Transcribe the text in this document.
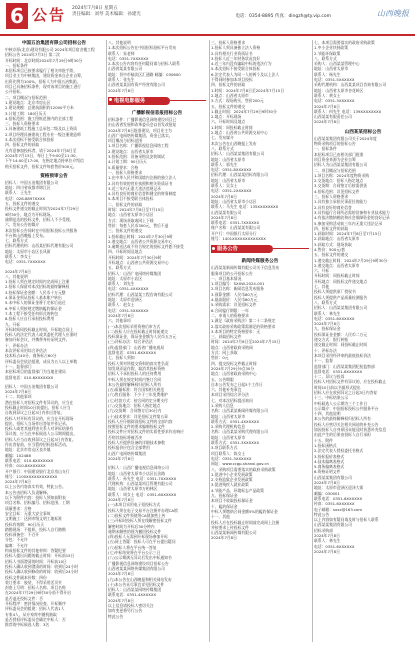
6 公告 2024年7月8日 星期五
责任编辑：刘琴 美术编辑：孙建光	电话：0354-8895 传真：dingzh@ty.vip.com	山西晚报
中国五冶集团有限公司招标公告
中核京原(北京)建设有限公司 2024年项目宿舍楼工程
招标公告 2024年7月3日 第二次
开标时间：北京时间2024年7月29日9时30分
一、招标条件
本招标项目已按要求履行了相关审批手续，
项目业主为中核集团，建设资金来自企业自筹，
出资比例为100%，招标人为中国五冶集团。
项目已具备招标条件，现对该项目的施工进行
公开招标。
二、项目概况与招标范围
1.建设地点：北京市房山区
2.建设规模：总建筑面积约12000平方米
3.计划工期：180日历天
4.招标范围：施工图纸范围内的全部工程
三、投标人资格要求
1.具备建筑工程施工总承包二级及以上资质
2.项目经理具备建筑工程专业一级注册建造师
3.本次招标不接受联合体投标
四、招标文件的获取
凡有意参加投标者，请于2024年7月8日至
2024年7月15日，每日上午9:00至11:30，
下午14:00至17:00，在指定地点持单位介绍信
购买招标文件，招标文件每套售价500元。
资格预审公告
招标人：中国五冶集团有限公司
地址：四川省成都市锦江区
联系人：王先生
电话：028-8897XXXX
五、投标文件的递交
投标文件递交的截止时间为2024年7月29日
9时30分，地点为开标现场。
逾期送达的投标文件，招标人不予受理。
六、发布公告的媒介
本次招标公告同时在中国招标投标公共服务
平台和山西晚报上发布。
七、联系方式
招标代理机构：山西某招标代理有限公司
地址：太原市小店区长风街
联系人：李女士
电话：0351-7XXXXXX
2024年7月8日
八、其他说明
1.投标人须在规定时间内完成网上注册
2.招标人保留对本次招标的最终解释权
3.投标保证金金额：人民币十万元整
4.保证金须从投标人基本账户转出
5.未中标人的保证金将于定标后退还
6.中标人须按规定缴纳履约保证金
7.本工程不接受任何形式的转包
8.投标人应自行承担投标费用
九、开标
开标时间同投标截止时间，开标地点同上
投标人的法定代表人或其委托代理人应准时
参加开标会议，并携带身份证明文件。
十、评标办法
本次评标采用综合评估法
技术标占40分，商务标占60分
评标委员会依法组建，成员为五人以上单数
十一、监督部门
本招标项目的监督部门为当地住建局
监督电话：010-6XXXXXXX
招标人：中国五冶集团有限公司
2024年7月8日
十二、其他事项
潜在投标人对招标文件有异议的，应当在
投标截止时间10日前提出，招标人应当
自收到异议之日起3日内作出答复。
投标人对开标有异议的，应当在开标现场
提出，招标人当场作出答复并作记录。
投标人或者其他利害关系人对评标结果有
异议的，应当在中标候选人公示期间提出。
招标人应当自收到异议之日起3日内答复。
作出答复前，应当暂停招标投标活动。
地址：北京市房山区良乡镇
邮编：102488
联系电话：010-8XXXXXXX
传真：010-8XXXXXXX
开户银行：中国建设银行北京房山支行
账号：1100XXXXXXXXXXXX
2024年7月8日
以上公告内容真实有效，特此公告。
本公告由招标人负责解释。
以下为附件内容：投标人须知前附表
项目名称、招标编号、招标范围、工期
质量要求：合格
安全目标：无重大安全事故
文明施工：达到市级文明工地标准
投标有效期：90日历天
踏勘现场：不组织，投标人自行踏勘
投标预备会：不召开
分包：不允许
偏离：不允许
构成招标文件的其他材料：答疑纪要
投标人提出问题的截止时间：开标前15日
招标人书面澄清的时间：开标前10日
投标人确认收到澄清的时间：收到后24小时
投标人确认收到修改的时间：收到后24小时
投标文件副本份数：四份
装订要求：胶装，不得采用活页夹
封套上写明：招标人名称、项目名称
在2024年7月29日9时30分前不得开启
是否退还投标文件：否
开标程序：密封情况检查、开标顺序
评标委员会的组建：招标人代表1人
专家4人，从专家库中随机抽取
是否授权评标委员会确定中标人：否
推荐的中标候选人数：3名
八、其他说明
1.本次招标公告在中国招标投标平台发布
联系人：朱老师
电话：0351-7XXXXXX
2.本次公告内容有任何疑问请与招标人联系
山西省某某有限公司
地址：晋中市榆次区汇通路 邮编：030600
联系人：张先生
山西省某某国有资产经营有限公司
2024年7月8日
电视电影服务
广播影视信息报招标公告
招标条件：广播影视信息网络建设项目已
由山西省发展和改革委员会以晋发改批复
2024年7月8日批准建设，项目业主为
山西广电网络传媒集团，资金已落实。
项目概况与招标范围
1.项目名称：广播影视信息网络工程
2.建设地点：山西省太原市
3.招标范围：设备采购及安装调试
4.计划工期：90日历天
5.质量要求：合格
一、投标人资格要求
1.在中华人民共和国境内注册的独立法人
2.具有有效的营业执照和相关资质证书
3.近三年内无重大违法违规记录
4.具有良好的商业信誉和健全的财务制度
5.本项目不接受联合体投标
二、招标文件的获取
时间：2024年7月8日至7月15日
地点：山西省太原市小店区
方式：现场获取或网上下载
售价：每套人民币300元，售后不退
三、投标文件的递交
1.投标截止时间：2024年7月30日9时
2.递交地点：山西省公共资源交易中心
3.逾期送达或不符合规定的投标文件恕不接受
四、开标时间及地点
开标时间：2024年7月30日9时
开标地点：山西省公共资源交易中心
五、联系方式
招标人：山西广电网络传媒集团
地址：太原市小店区
联系人：刘先生
电话：0351-4XXXXXX
招标代理：山西某某工程咨询有限公司
地址：太原市迎泽区
联系人：赵女士
电话：0351-5XXXXXX
2024年7月8日
六、其他事项
(一)本次招标采用资格后审方式
(二)投标人应在投标截止时间前递交
投标保证金，保证金金额为人民币五万元
(三)评标办法：综合评估法
(四)监督部门：山西省广播电视局
监督电话：0351-6XXXXXX
七、投标人须知
投标人须对所提交资料的真实性负责
如发现弄虚作假，取消其投标资格
招标人不承担投标人的任何费用
中标人须在规定时间内签订合同
本公告最终解释权归招标人所有
(五)质量标准：符合国家相关规范
(六)售后服务：不少于三年免费维护
(七)付款方式：按合同约定分期支付
(八)交货地点：招标人指定地点
(九)交货期：合同签订后30日内
(十)技术要求：详见招标文件第五章
投标人应仔细阅读招标文件的全部内容
按照招标文件的要求编制投标文件
投标文件应对招标文件的实质性要求作出响应
否则其投标将被否决
投标人应提供设备的详细技术参数
投标报价应包含全部费用
山西广电网络传媒集团
2024年7月8日
招标人：山西广播电视信息网络公司
地址：山西省太原市小店区长治路
联系人：孙先生 电话：0351-7XXXXXX
代理机构：山西某某项目管理有限公司
地址：山西省太原市万柏林区
联系人：周女士 电话：0351-6XXXXXX
2024年7月8日
(一)本项目采用电子招投标方式
投标人须在电子交易平台注册并办理CA锁
(二)投标文件须使用CA锁加密上传
(三)开标时投标人须在线解密投标文件
解密时间为开标后30分钟内
逾期未解密的视为撤回投标文件
(四)投标人无需到开标现场参加开标
(五)网上答疑：投标人可在平台提出疑问
(六)招标人将在平台统一答复
(七)中标结果将在平台公示三日
(八)公示期满无异议后发出中标通知书
广播影视信息网络建设项目招标公告
山西省某某网络传媒集团有限公司
2024年7月8日
(九)本公告在山西晚报和相关网站发布
(十)本公告未尽事宜详见招标文件
招标人：山西某某网络传媒集团
联系电话：0351-4XXXXXX
2024年7月8日
以上信息请投标人密切关注
如有变更将另行公告
特此公告
三、投标人资格要求
1.投标人须具备独立法人资格
2.具有相关行业资质证书
3.投标人近三年财务状况良好
4.近三年内没有骗取中标的违法行为
5.本次招标不接受联合体投标
6.法定代表人为同一人的两个及以上法人
不得同时参加本项目投标
四、招标文件的获取
1.时间：2024年7月8日至2024年7月15日
2.地点：山西省太原市
3.方式：现场购买，售价200元
五、投标文件的递交
1.截止时间：2024年7月29日9时30分
2.地点：开标现场
六、开标时间及地点
1.时间：同投标截止时间
2.地点：山西省公共资源交易中心
七、发布媒介
本次公告在山西晚报上发布
八、联系方式
招标人：山西某某集团有限公司
地址：山西省太原市
联系人：郭先生
电话：0351-8XXXXXX
招标代理：山西某某招标有限公司
地址：山西省太原市
联系人：吴女士
电话：0351-2XXXXXX
2024年7月8日
地址：山西省太原市小店区
联系人：马先生 电话：135XXXXXXXX
山西某某有限公司
2024年7月8日
联系电话：0351-7XXXXXX
账户名称：山西某某有限公司
开户行：中国银行太原分行
账号：1401XXXXXXXXXXXXX
服务公告
新闻传媒服务公告
山西某某新闻传媒有限公司关于信息发布
服务项目的公开招标公告
一、项目基本情况
1.项目编号：SXXW-2024-001
2.项目名称：新闻信息发布服务
3.预算金额：人民币80万元
4.最高限价：人民币80万元
5.采购需求：详见招标文件
6.合同履行期限：一年
二、申请人的资格要求
1.满足《政府采购法》第二十二条规定
2.落实政府采购政策需满足的资格要求
3.本项目的特定资格要求：无
三、获取招标文件
时间：2024年7月8日至2024年7月15日
地点：山西省政府采购网
方式：网上获取
售价：0元
四、提交投标文件截止时间
2024年7月29日9点30分
地点：山西省政府采购中心
五、公告期限
自本公告发布之日起5个工作日
六、其他补充事宜
本项目采用综合评分法
七、对本次招标提出询问
1.采购人信息
名称：山西某某新闻传媒有限公司
地址：山西省太原市
联系方式：0351-4XXXXXX
2.采购代理机构信息
名称：山西某某采购代理有限公司
地址：山西省太原市
联系方式：0351-3XXXXXX
3.项目联系方式
项目联系人：陈女士
电话：0351-3XXXXXX
网址：www.ccgp-shanxi.gov.cn
八、采购项目需要落实的政府采购政策
1.促进中小企业发展政策
2.支持监狱企业发展政策
3.促进残疾人就业政策
4.节能产品、环境标志产品政策
九、投标保证金
本项目不收取投标保证金
十、履约保证金
中标人须缴纳合同金额5%的履约保证金
十一、其他
投标人应在投标截止时间前完成网上注册
并按要求上传投标文件
山西某某新闻传媒有限公司
2024年7月8日
七、本项目需要落实的政府采购政策
1.中小企业扶持政策
2.节能环保政策
八、联系方式
采购人：山西某某管理中心
地址：山西省太原市
联系人：杨先生
电话：0351-5XXXXXX
采购代理机构：山西某某项目咨询有限公司
地址：山西省太原市杏花岭区
联系人：黄女士
电话：0351-3XXXXXX
2024年7月8日
联系人：何先生 电话：139XXXXXXXX
山西某某有限责任公司
2024年7月8日
山西某某招标公告
山西某某集团有限公司关于2024年度
物资采购项目的招标公告
一、招标条件
本招标项目已由相关部门批准
项目资金来源为企业自筹
招标人为山西某某集团有限公司
二、项目概况与招标范围
1.项目名称：2024年度物资采购
2.交货地点：招标人指定地点
3.交货期：合同签订后按需供货
4.招标范围：详见招标文件
三、投标人资格要求
1.具有独立承担民事责任的能力
2.具有良好的商业信誉
3.具有履行合同所必需的设备和专业技术能力
4.有依法缴纳税收和社会保障资金的良好记录
5.参加采购活动前三年内无重大违法记录
四、招标文件的获取
1.获取时间：2024年7月8日至7月15日
2.获取地点：山西省太原市
3.获取方式：现场获取
4.售价：500元/套
五、投标文件的递交
1.递交截止时间：2024年7月29日9时30分
2.递交地点：山西省太原市
六、开标
开标时间：同投标截止时间
开标地点：同投标文件递交地点
七、其他
投标人须提供原厂授权书
投标人须提供产品质量检测报告
八、联系方式
招标人：山西某某集团有限公司
联系人：林先生
电话：0351-6XXXXXX
2024年7月8日
九、投标保证金
投标保证金金额：人民币二万元
递交方式：银行转账
递交截止时间：同投标截止时间
十、评标办法
本项目采用经评审的最低投标价法
十一、监督
监督部门：山西某某集团纪检监察部
监督电话：0351-6XXXXXX
十二、异议与投诉
投标人对招标文件有异议的，应在投标截止
时间10日前以书面形式提出
招标人应在收到异议之日起3日内答复
十三、中标结果公示
中标候选人公示期为三个工作日
公示媒介：中国招标投标公共服务平台
十四、其他说明
本公告的最终解释权归招标人所有
投标人应密切关注相关网站的补充公告
如因投标人自身原因未能及时获悉补充信息
由此产生的后果由投标人自行承担
十五、附件
1.投标函格式
2.法定代表人授权委托书格式
3.投标报价表格式
4.技术偏离表格式
5.商务偏离表格式
6.资格证明文件
山西某某集团有限公司
2024年7月8日
地址：太原市迎泽区迎泽大街
邮编：030001
联系电话：0351-6XXXXXX
传真：0351-6XXXXXX
电子邮箱：sxxx@163.com
特此公告
以上内容如有疑问请及时与招标人联系
山西某某集团有限公司
招标采购部
2024年7月8日
联系人：林先生
电话：0351-6XXXXXX
2024年7月8日
